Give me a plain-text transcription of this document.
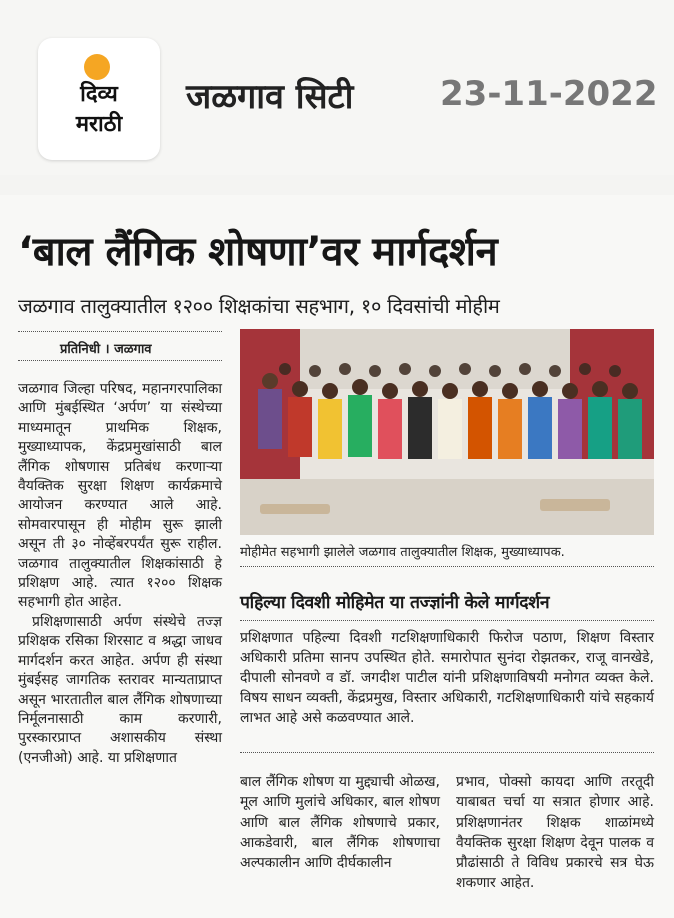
दिव्य
मराठी
जळगाव सिटी	23-11-2022
‘बाल लैंगिक शोषणा’वर मार्गदर्शन
जळगाव तालुक्यातील १२०० शिक्षकांचा सहभाग, १० दिवसांची मोहीम
प्रतिनिधी । जळगाव

जळगाव जिल्हा परिषद, महानगरपालिका आणि मुंबईस्थित ‘अर्पण’ या संस्थेच्या माध्यमातून प्राथमिक शिक्षक, मुख्याध्यापक, केंद्रप्रमुखांसाठी बाल लैंगिक शोषणास प्रतिबंध करणाऱ्या वैयक्तिक सुरक्षा शिक्षण कार्यक्रमाचे आयोजन करण्यात आले आहे. सोमवारपासून ही मोहीम सुरू झाली असून ती ३० नोव्हेंबरपर्यंत सुरू राहील. जळगाव तालुक्यातील शिक्षकांसाठी हे प्रशिक्षण आहे. त्यात १२०० शिक्षक सहभागी होत आहेत.

प्रशिक्षणासाठी अर्पण संस्थेचे तज्ज्ञ प्रशिक्षक रसिका शिरसाट व श्रद्धा जाधव मार्गदर्शन करत आहेत. अर्पण ही संस्था मुंबईसह जागतिक स्तरावर मान्यताप्राप्त असून भारतातील बाल लैंगिक शोषणाच्या निर्मूलनासाठी काम करणारी, पुरस्कारप्राप्त अशासकीय संस्था (एनजीओ) आहे. या प्रशिक्षणात

मोहीमेत सहभागी झालेले जळगाव तालुक्यातील शिक्षक, मुख्याध्यापक.
पहिल्या दिवशी मोहिमेत या तज्ज्ञांनी केले मार्गदर्शन
प्रशिक्षणात पहिल्या दिवशी गटशिक्षणाधिकारी फिरोज पठाण, शिक्षण विस्तार अधिकारी प्रतिमा सानप उपस्थित होते. समारोपात सुनंदा रोझतकर, राजू वानखेडे, दीपाली सोनवणे व डॉ. जगदीश पाटील यांनी प्रशिक्षणाविषयी मनोगत व्यक्त केले. विषय साधन व्यक्ती, केंद्रप्रमुख, विस्तार अधिकारी, गटशिक्षणाधिकारी यांचे सहकार्य लाभत आहे असे कळवण्यात आले.
बाल लैंगिक शोषण या मुद्द्याची ओळख, मूल आणि मुलांचे अधिकार, बाल शोषण आणि बाल लैंगिक शोषणाचे प्रकार, आकडेवारी, बाल लैंगिक शोषणाचा अल्पकालीन आणि दीर्घकालीन
प्रभाव, पोक्सो कायदा आणि तरतूदी याबाबत चर्चा या सत्रात होणार आहे. प्रशिक्षणानंतर शिक्षक शाळांमध्ये वैयक्तिक सुरक्षा शिक्षण देवून पालक व प्रौढांसाठी ते विविध प्रकारचे सत्र घेऊ शकणार आहेत.
